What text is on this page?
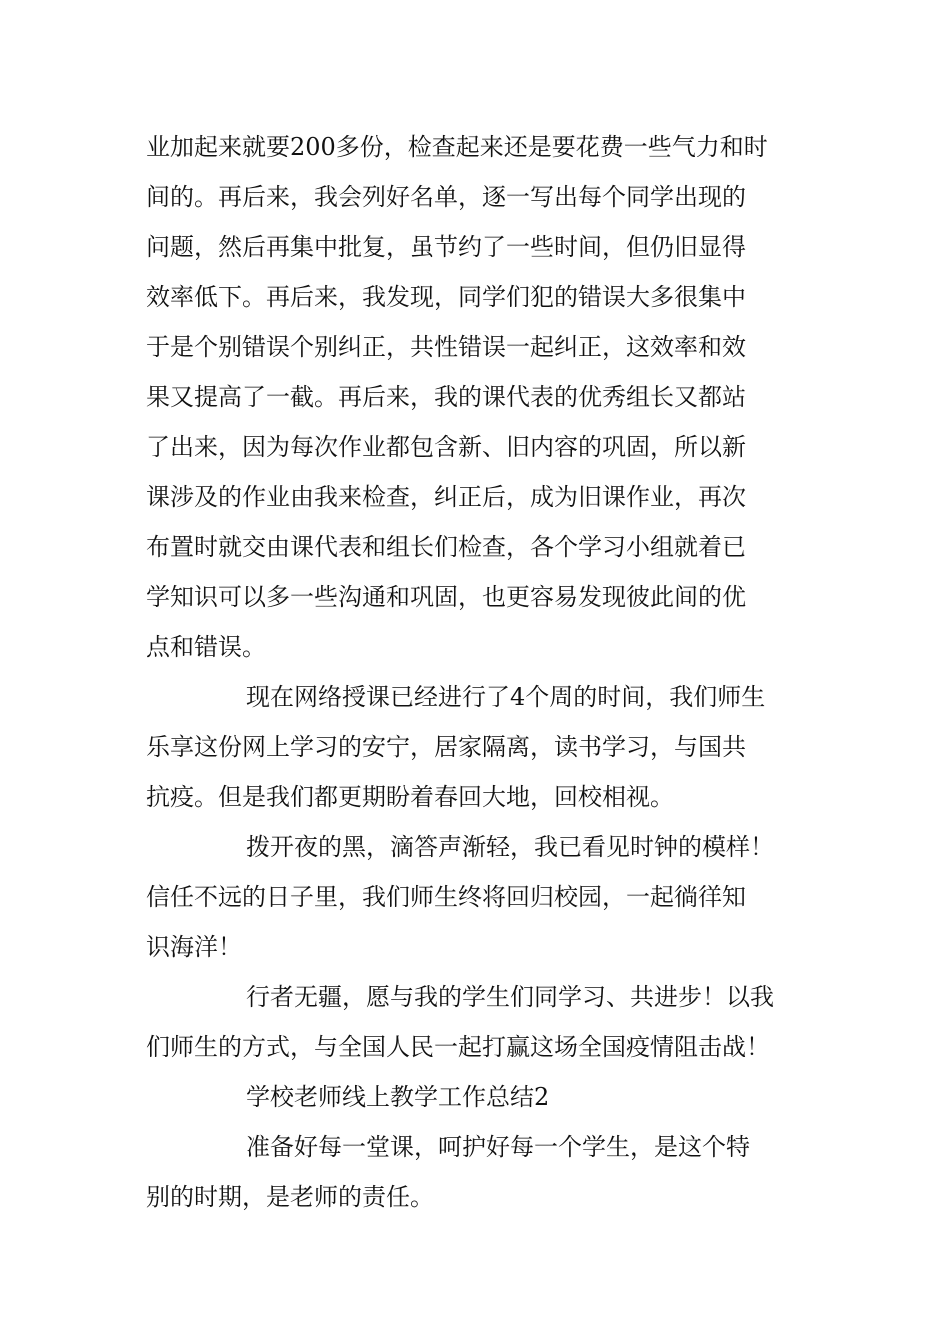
业加起来就要200多份，检查起来还是要花费一些气力和时
间的。再后来，我会列好名单，逐一写出每个同学出现的
问题，然后再集中批复，虽节约了一些时间，但仍旧显得
效率低下。再后来，我发现，同学们犯的错误大多很集中
于是个别错误个别纠正，共性错误一起纠正，这效率和效
果又提高了一截。再后来，我的课代表的优秀组长又都站
了出来，因为每次作业都包含新、旧内容的巩固，所以新
课涉及的作业由我来检查，纠正后，成为旧课作业，再次
布置时就交由课代表和组长们检查，各个学习小组就着已
学知识可以多一些沟通和巩固，也更容易发现彼此间的优
点和错误。
现在网络授课已经进行了4个周的时间，我们师生
乐享这份网上学习的安宁，居家隔离，读书学习，与国共
抗疫。但是我们都更期盼着春回大地，回校相视。
拨开夜的黑，滴答声渐轻，我已看见时钟的模样！
信任不远的日子里，我们师生终将回归校园，一起徜徉知
识海洋！
行者无疆，愿与我的学生们同学习、共进步！以我
们师生的方式，与全国人民一起打赢这场全国疫情阻击战！
学校老师线上教学工作总结2
准备好每一堂课，呵护好每一个学生，是这个特
别的时期，是老师的责任。
